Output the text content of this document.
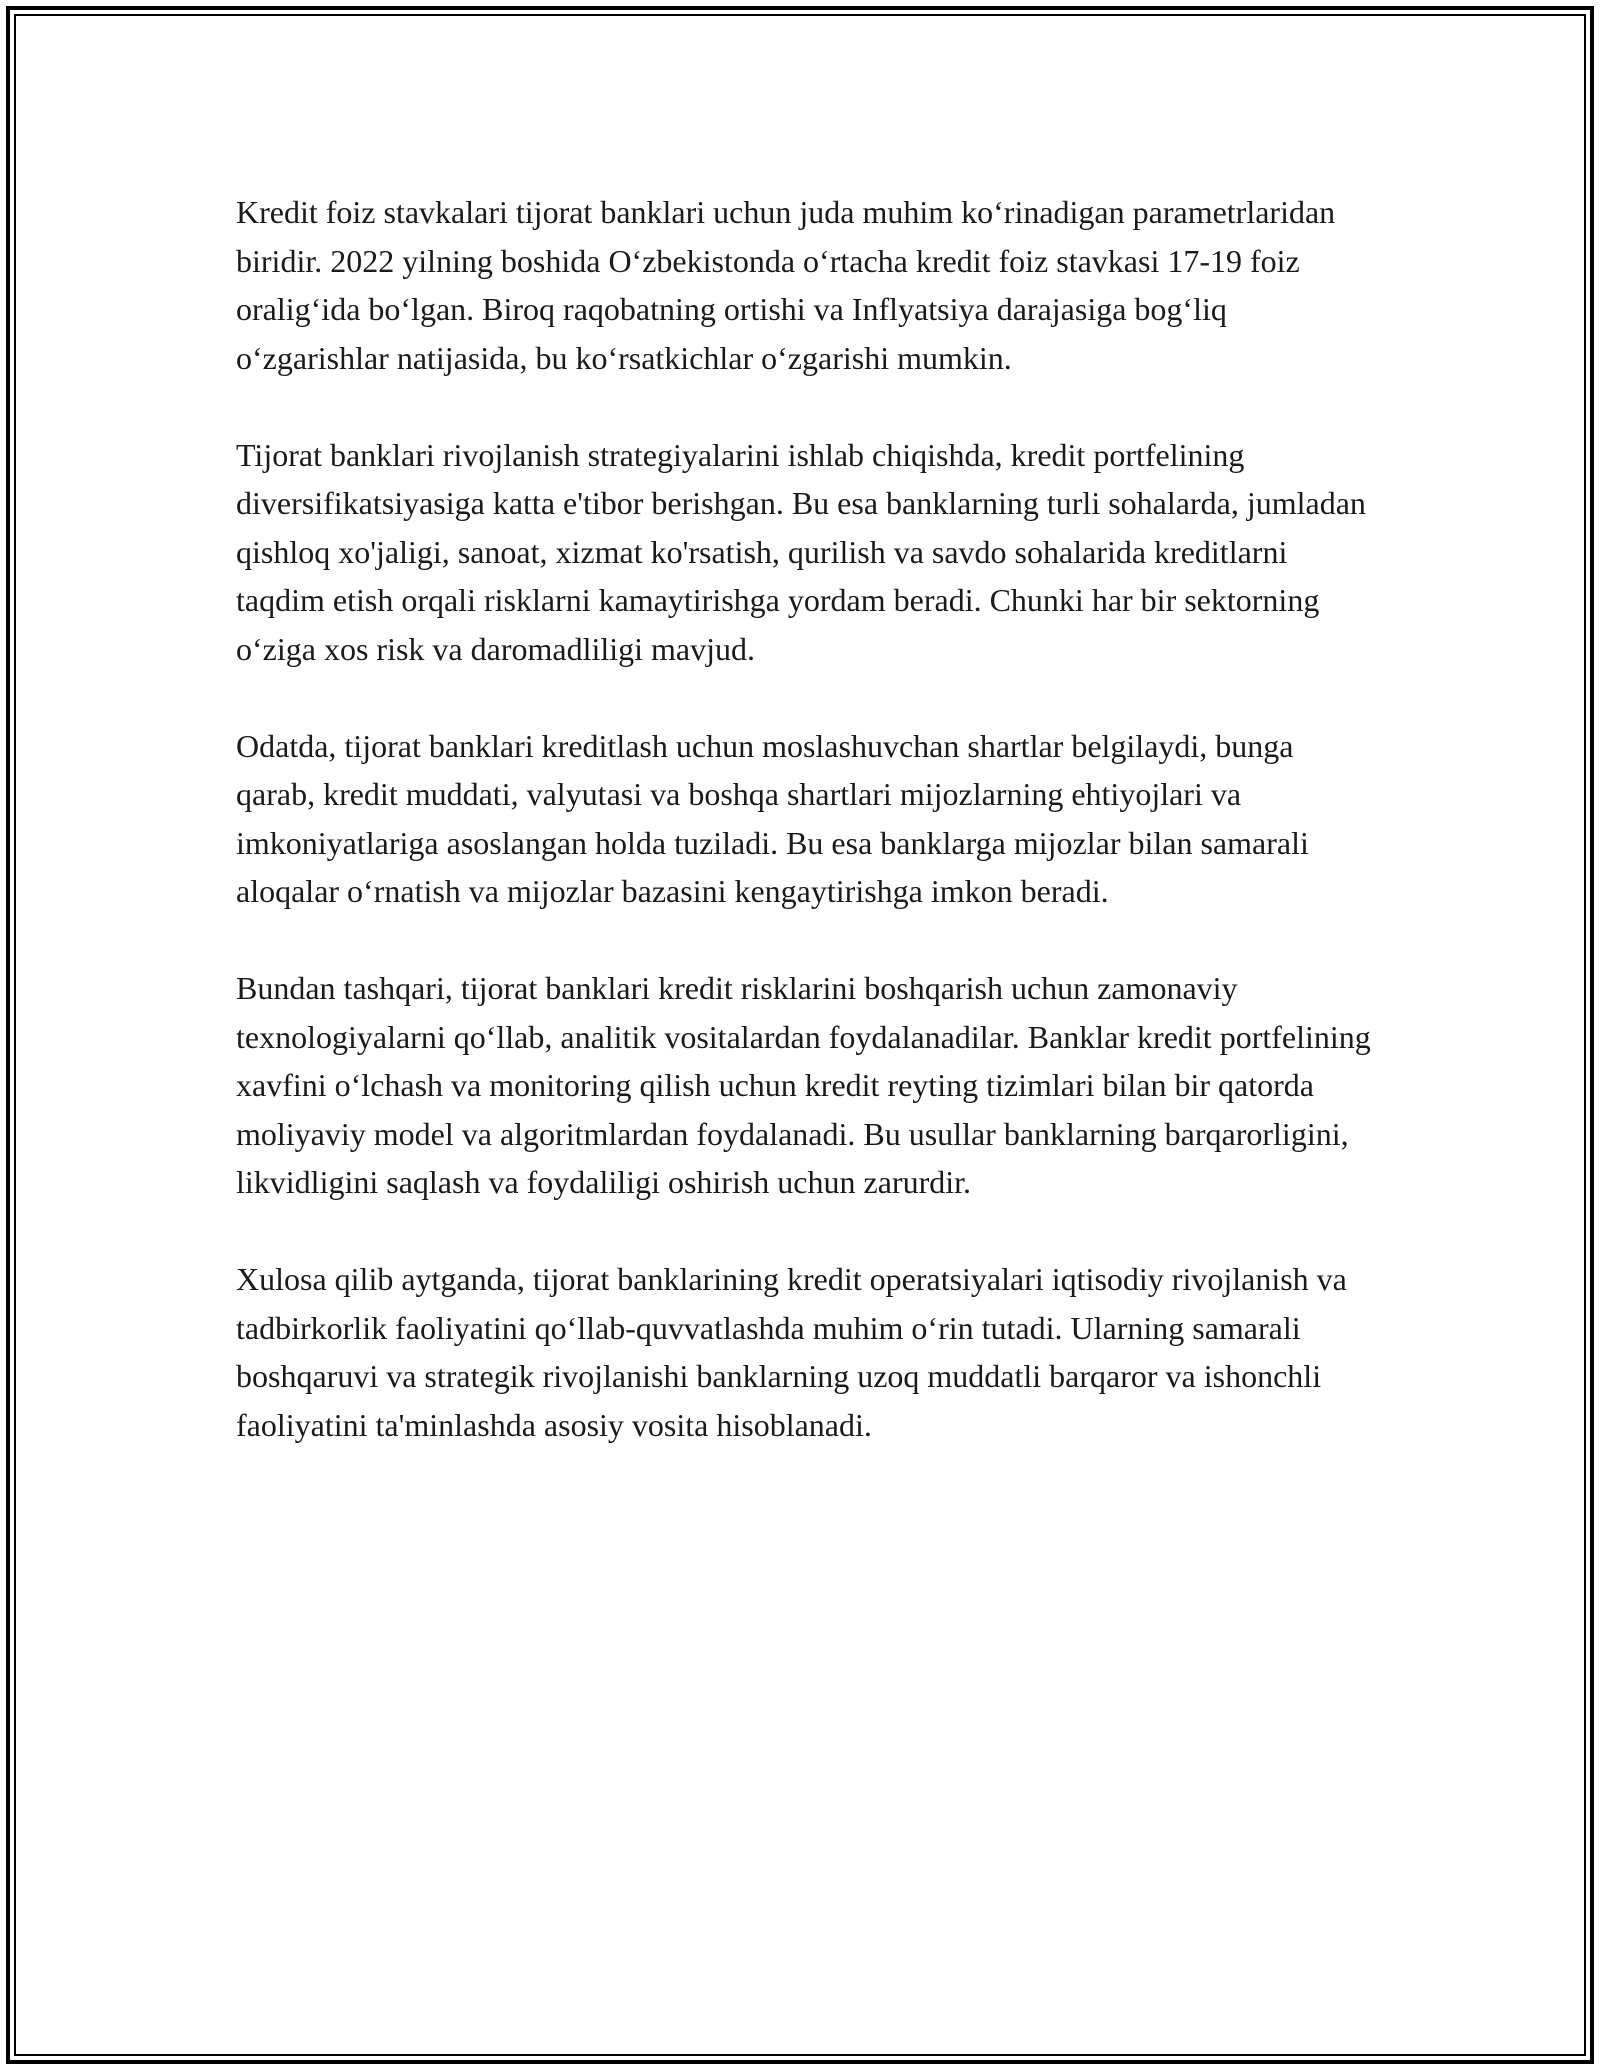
Kredit foiz stavkalari tijorat banklari uchun juda muhim ko‘rinadigan parametrlaridan biridir. 2022 yilning boshida O‘zbekistonda o‘rtacha kredit foiz stavkasi 17-19 foiz oralig‘ida bo‘lgan. Biroq raqobatning ortishi va Inflyatsiya darajasiga bog‘liq o‘zgarishlar natijasida, bu ko‘rsatkichlar o‘zgarishi mumkin.

Tijorat banklari rivojlanish strategiyalarini ishlab chiqishda, kredit portfelining diversifikatsiyasiga katta e'tibor berishgan. Bu esa banklarning turli sohalarda, jumladan qishloq xo'jaligi, sanoat, xizmat ko'rsatish, qurilish va savdo sohalarida kreditlarni taqdim etish orqali risklarni kamaytirishga yordam beradi. Chunki har bir sektorning o‘ziga xos risk va daromadliligi mavjud.

Odatda, tijorat banklari kreditlash uchun moslashuvchan shartlar belgilaydi, bunga qarab, kredit muddati, valyutasi va boshqa shartlari mijozlarning ehtiyojlari va imkoniyatlariga asoslangan holda tuziladi. Bu esa banklarga mijozlar bilan samarali aloqalar o‘rnatish va mijozlar bazasini kengaytirishga imkon beradi.

Bundan tashqari, tijorat banklari kredit risklarini boshqarish uchun zamonaviy texnologiyalarni qo‘llab, analitik vositalardan foydalanadilar. Banklar kredit portfelining xavfini o‘lchash va monitoring qilish uchun kredit reyting tizimlari bilan bir qatorda moliyaviy model va algoritmlardan foydalanadi. Bu usullar banklarning barqarorligini, likvidligini saqlash va foydaliligi oshirish uchun zarurdir.

Xulosa qilib aytganda, tijorat banklarining kredit operatsiyalari iqtisodiy rivojlanish va tadbirkorlik faoliyatini qo‘llab-quvvatlashda muhim o‘rin tutadi. Ularning samarali boshqaruvi va strategik rivojlanishi banklarning uzoq muddatli barqaror va ishonchli faoliyatini ta'minlashda asosiy vosita hisoblanadi.
